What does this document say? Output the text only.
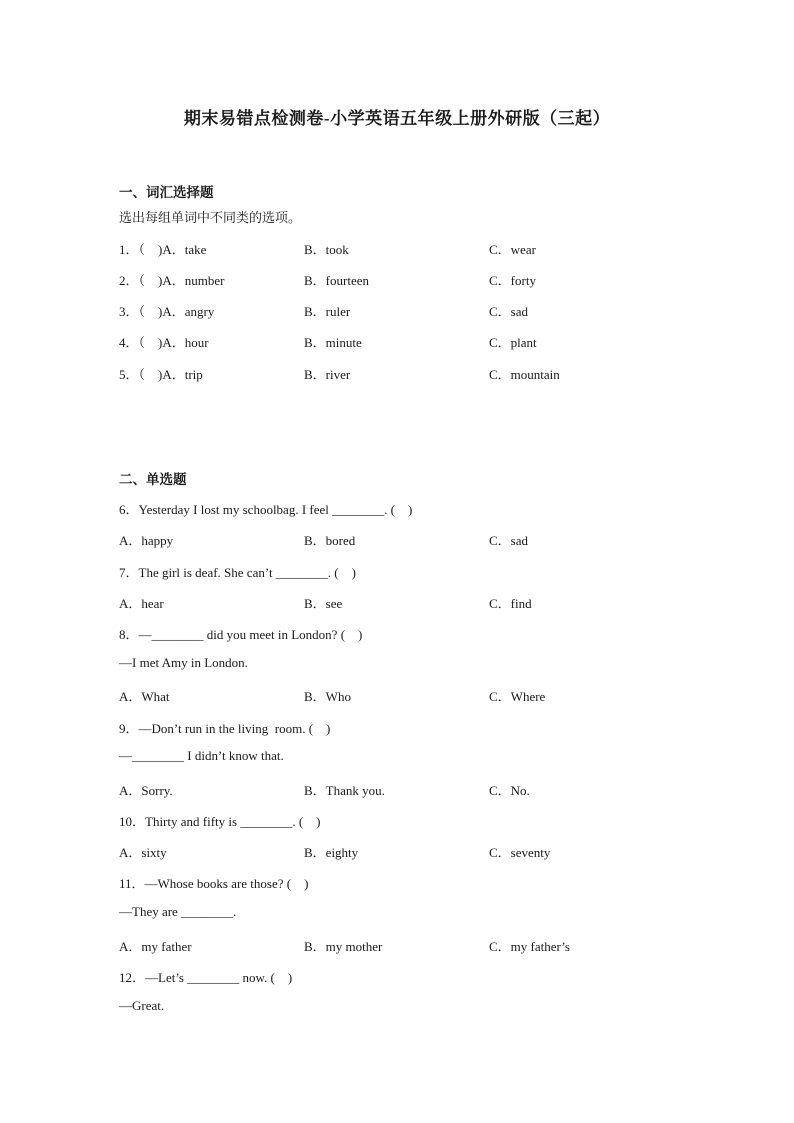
期末易错点检测卷-小学英语五年级上册外研版（三起）
一、词汇选择题
选出每组单词中不同类的选项。
1．（    )A．take	B．took	C．wear
2．（    )A．number	B．fourteen	C．forty
3．（    )A．angry	B．ruler	C．sad
4．（    )A．hour	B．minute	C．plant
5．（    )A．trip	B．river	C．mountain
二、单选题
6．Yesterday I lost my schoolbag. I feel ________. (    )
A．happy	B．bored	C．sad
7．The girl is deaf. She can’t ________. (    )
A．hear	B．see	C．find
8．—________ did you meet in London? (    )
—I met Amy in London.
A．What	B．Who	C．Where
9．—Don’t run in the living  room. (    )
—________ I didn’t know that.
A．Sorry.	B．Thank you.	C．No.
10．Thirty and fifty is ________. (    )
A．sixty	B．eighty	C．seventy
11．—Whose books are those? (    )
—They are ________.
A．my father	B．my mother	C．my father’s
12．—Let’s ________ now. (    )
—Great.
